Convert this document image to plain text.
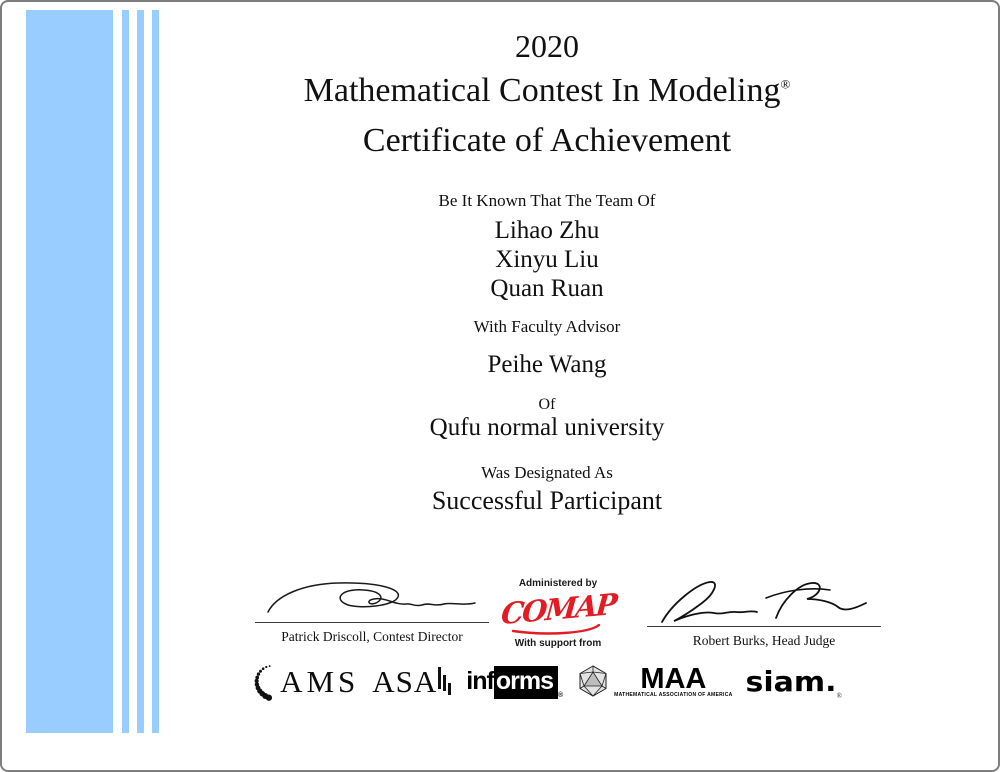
2020
Mathematical Contest In Modeling®
Certificate of Achievement
Be It Known That The Team Of
Lihao Zhu
Xinyu Liu
Quan Ruan
With Faculty Advisor
Peihe Wang
Of
Qufu normal university
Was Designated As
Successful Participant
Patrick Driscoll, Contest Director
Administered by
COMAP
With support from	Robert Burks, Head Judge
AMS ASA inf orms
®	MAA
MATHEMATICAL ASSOCIATION OF AMERICA siam. ®
